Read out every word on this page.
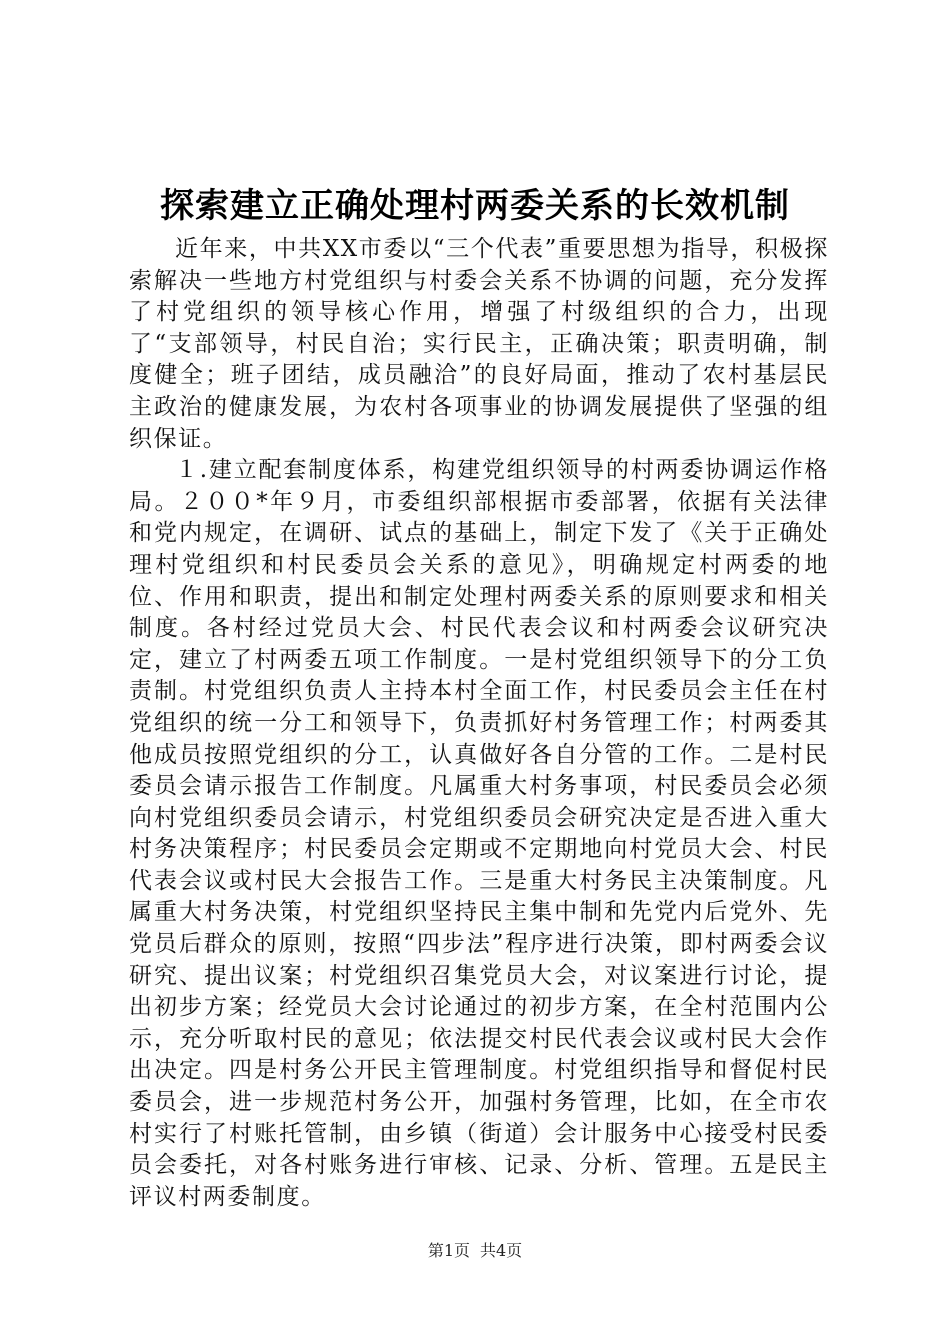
探索建立正确处理村两委关系的长效机制

近年来，中共XX市委以“三个代表”重要思想为指导，积极探索解决一些地方村党组织与村委会关系不协调的问题，充分发挥了村党组织的领导核心作用，增强了村级组织的合力，出现了“支部领导，村民自治；实行民主，正确决策；职责明确，制度健全；班子团结，成员融洽”的良好局面，推动了农村基层民主政治的健康发展，为农村各项事业的协调发展提供了坚强的组织保证。

１.建立配套制度体系，构建党组织领导的村两委协调运作格局。２００*年９月，市委组织部根据市委部署，依据有关法律和党内规定，在调研、试点的基础上，制定下发了《关于正确处理村党组织和村民委员会关系的意见》，明确规定村两委的地位、作用和职责，提出和制定处理村两委关系的原则要求和相关制度。各村经过党员大会、村民代表会议和村两委会议研究决定，建立了村两委五项工作制度。一是村党组织领导下的分工负责制。村党组织负责人主持本村全面工作，村民委员会主任在村党组织的统一分工和领导下，负责抓好村务管理工作；村两委其他成员按照党组织的分工，认真做好各自分管的工作。二是村民委员会请示报告工作制度。凡属重大村务事项，村民委员会必须向村党组织委员会请示，村党组织委员会研究决定是否进入重大村务决策程序；村民委员会定期或不定期地向村党员大会、村民代表会议或村民大会报告工作。三是重大村务民主决策制度。凡属重大村务决策，村党组织坚持民主集中制和先党内后党外、先党员后群众的原则，按照“四步法”程序进行决策，即村两委会议研究、提出议案；村党组织召集党员大会，对议案进行讨论，提出初步方案；经党员大会讨论通过的初步方案，在全村范围内公示，充分听取村民的意见；依法提交村民代表会议或村民大会作出决定。四是村务公开民主管理制度。村党组织指导和督促村民委员会，进一步规范村务公开，加强村务管理，比如，在全市农村实行了村账托管制，由乡镇（街道）会计服务中心接受村民委员会委托，对各村账务进行审核、记录、分析、管理。五是民主评议村两委制度。

第1页 共4页
